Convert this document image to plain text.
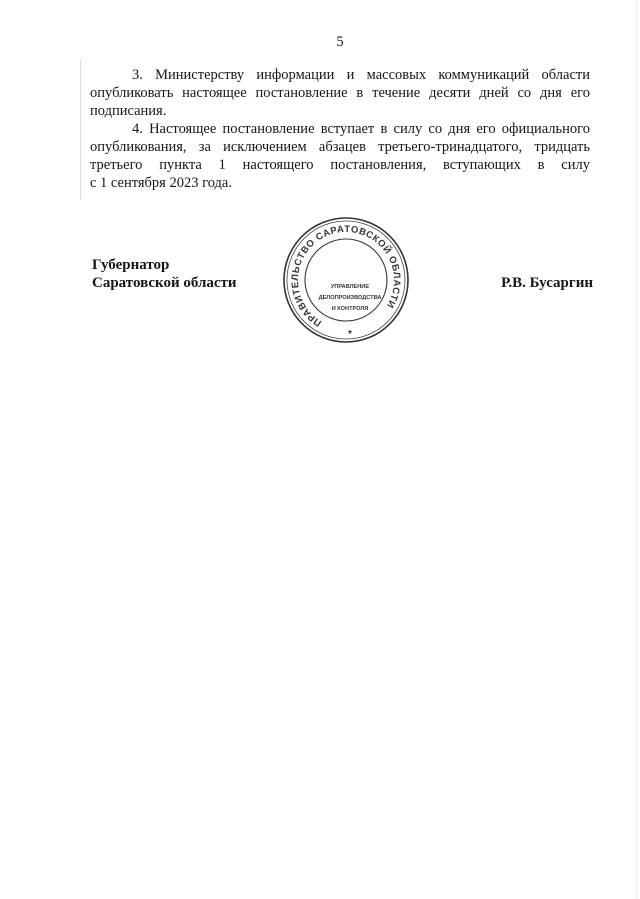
5
3. Министерству информации и массовых коммуникаций области
опубликовать настоящее постановление в течение десяти дней со дня его
подписания.
4. Настоящее постановление вступает в силу со дня его официального
опубликования, за исключением абзацев третьего-тринадцатого, тридцать
третьего пункта 1 настоящего постановления, вступающих в силу
с 1 сентября 2023 года.
Губернатор
Саратовской области	Р.В. Бусаргин
ПРАВИТЕЛЬСТВО САРАТОВСКОЙ ОБЛАСТИ
УПРАВЛЕНИЕ
ДЕЛОПРОИЗВОДСТВА
И КОНТРОЛЯ
*
